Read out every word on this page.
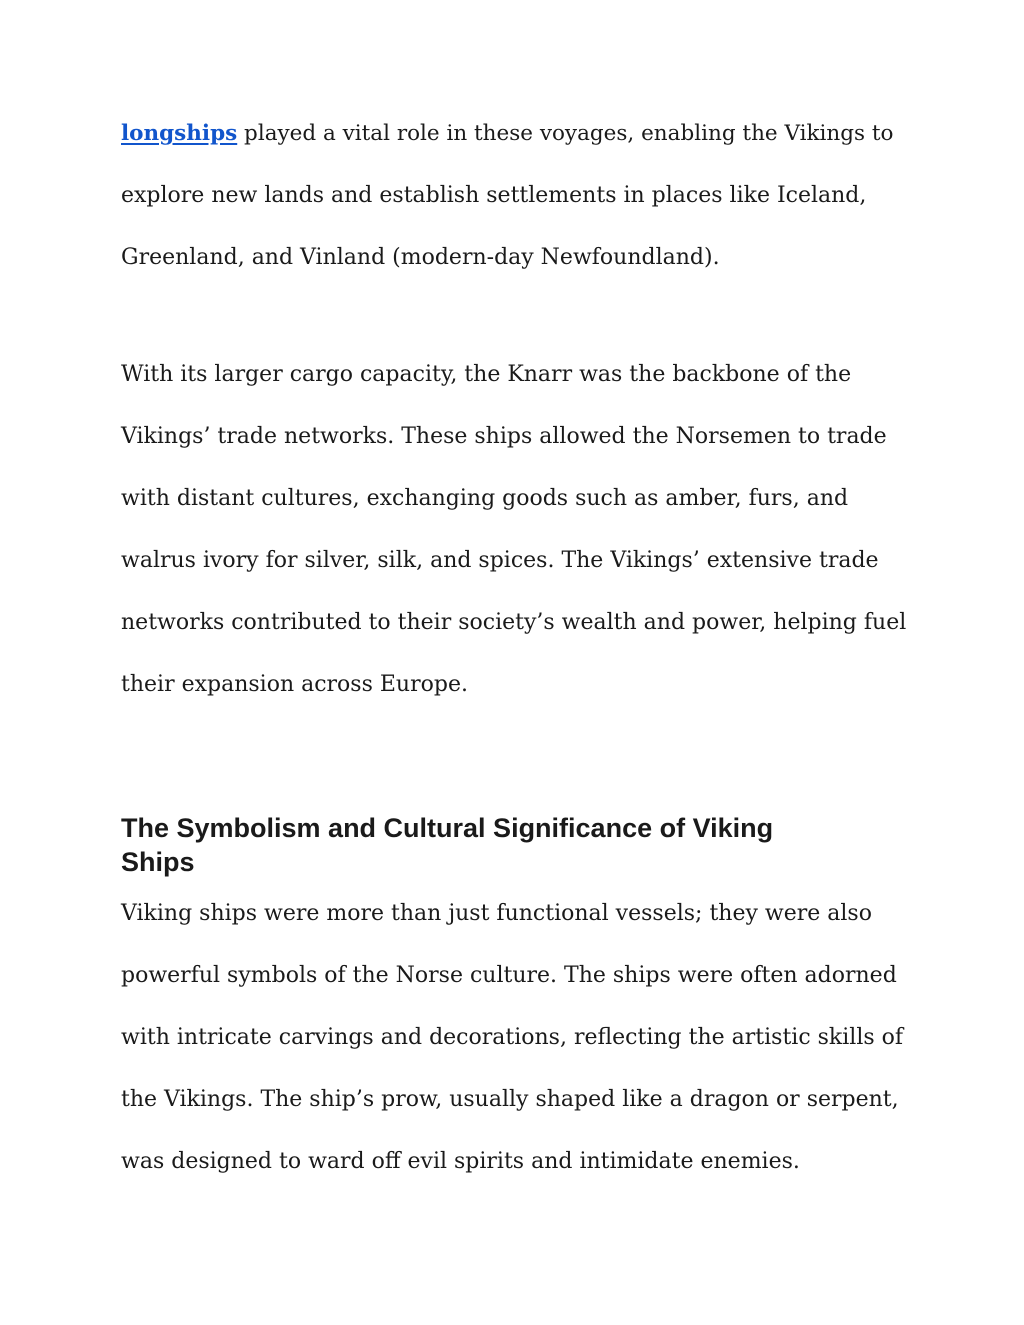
longships played a vital role in these voyages, enabling the Vikings to

explore new lands and establish settlements in places like Iceland,

Greenland, and Vinland (modern-day Newfoundland).

With its larger cargo capacity, the Knarr was the backbone of the

Vikings’ trade networks. These ships allowed the Norsemen to trade

with distant cultures, exchanging goods such as amber, furs, and

walrus ivory for silver, silk, and spices. The Vikings’ extensive trade

networks contributed to their society’s wealth and power, helping fuel

their expansion across Europe.

The Symbolism and Cultural Significance of Viking
Ships

Viking ships were more than just functional vessels; they were also

powerful symbols of the Norse culture. The ships were often adorned

with intricate carvings and decorations, reflecting the artistic skills of

the Vikings. The ship’s prow, usually shaped like a dragon or serpent,

was designed to ward off evil spirits and intimidate enemies.
